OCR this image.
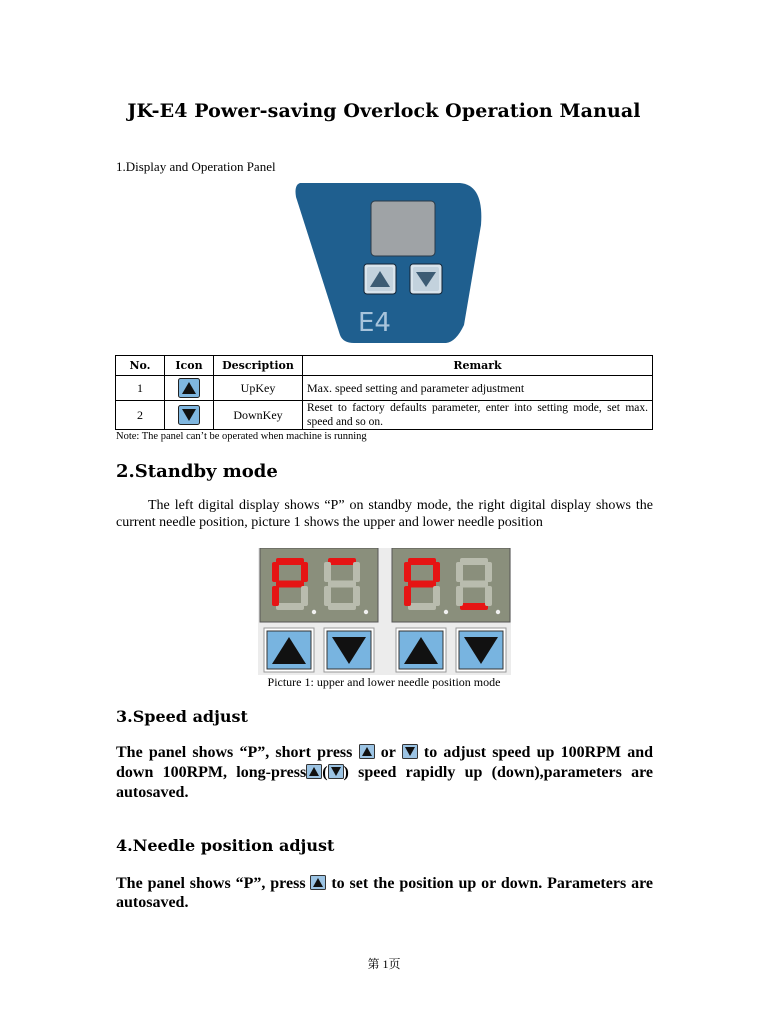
JK-E4 Power-saving Overlock Operation Manual
1.Display and Operation Panel
E4
No.	Icon	Description	Remark
1		UpKey	Max. speed setting and parameter adjustment
2		DownKey	Reset to factory defaults parameter, enter into setting mode, set max. speed and so on.
Note: The panel can’t be operated when machine is running
2.Standby mode
The left digital display shows “P” on standby mode, the right digital display shows the current needle position, picture 1 shows the upper and lower needle position
Picture 1: upper and lower needle position mode
3.Speed adjust
The panel shows “P”, short press  or  to adjust speed up 100RPM and down 100RPM, long-press ( ) speed rapidly up (down),parameters are autosaved.
4.Needle position adjust
The panel shows “P”, press  to set the position up or down. Parameters are autosaved.
第 1页
